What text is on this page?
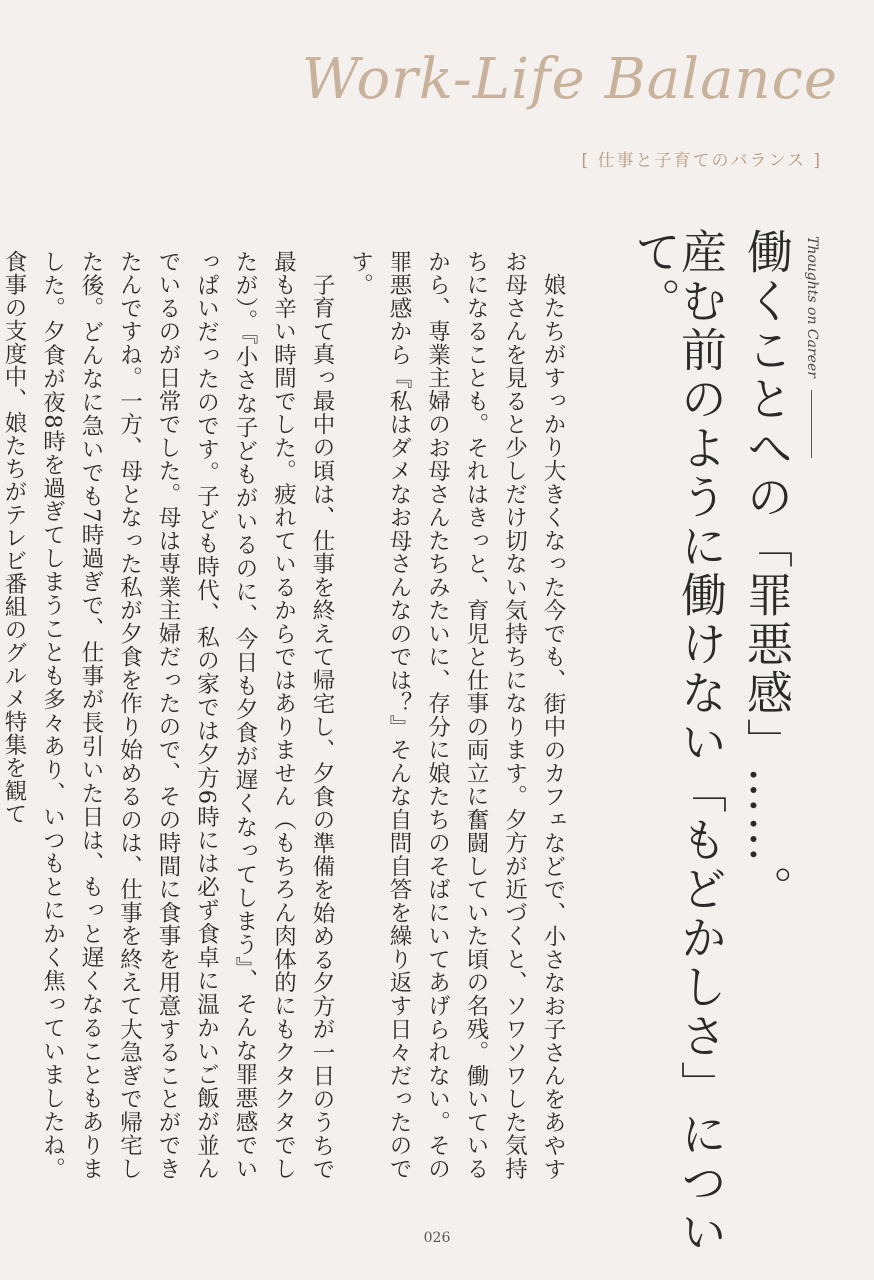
Work-Life Balance
[ 仕事と子育てのバランス ]
Thoughts on Career
働くことへの「罪悪感」……。
産む前のように働けない「もどかしさ」について。

娘たちがすっかり大きくなった今でも、街中のカフェなどで、小さなお子さんをあやすお母さんを見ると少しだけ切ない気持ちになります。夕方が近づくと、ソワソワした気持ちになることも。それはきっと、育児と仕事の両立に奮闘していた頃の名残。働いているから、専業主婦のお母さんたちみたいに、存分に娘たちのそばにいてあげられない。その罪悪感から『私はダメなお母さんなのでは？』そんな自問自答を繰り返す日々だったのです。

子育て真っ最中の頃は、仕事を終えて帰宅し、夕食の準備を始める夕方が一日のうちで最も辛い時間でした。疲れているからではありません（もちろん肉体的にもクタクタでしたが）。『小さな子どもがいるのに、今日も夕食が遅くなってしまう』、そんな罪悪感でいっぱいだったのです。子ども時代、私の家では夕方6時には必ず食卓に温かいご飯が並んでいるのが日常でした。母は専業主婦だったので、その時間に食事を用意することができたんですね。一方、母となった私が夕食を作り始めるのは、仕事を終えて大急ぎで帰宅した後。どんなに急いでも7時過ぎで、仕事が長引いた日は、もっと遅くなることもありました。夕食が夜8時を過ぎてしまうことも多々あり、いつもとにかく焦っていましたね。食事の支度中、娘たちがテレビ番組のグルメ特集を観て

026
